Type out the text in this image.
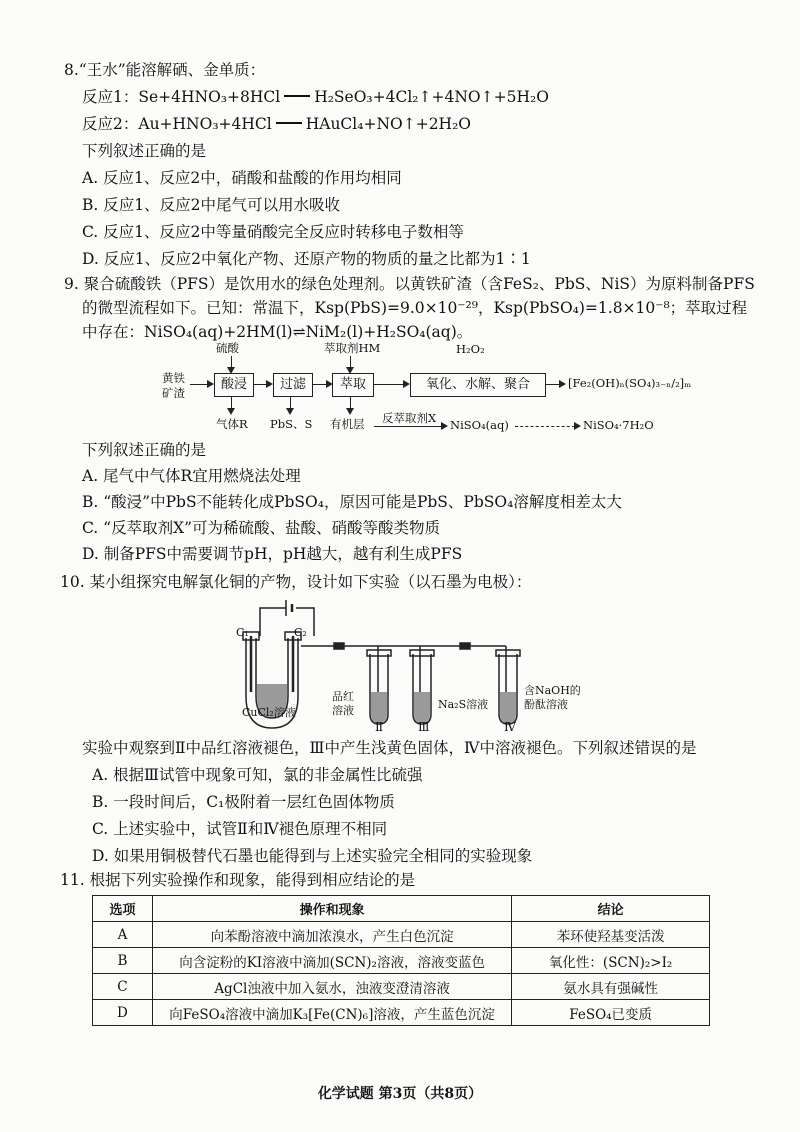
8.“王水”能溶解硒、金单质：
反应1：Se+4HNO₃+8HCl H₂SeO₃+4Cl₂↑+4NO↑+5H₂O
反应2：Au+HNO₃+4HCl HAuCl₄+NO↑+2H₂O
下列叙述正确的是
A. 反应1、反应2中，硝酸和盐酸的作用均相同
B. 反应1、反应2中尾气可以用水吸收
C. 反应1、反应2中等量硝酸完全反应时转移电子数相等
D. 反应1、反应2中氧化产物、还原产物的物质的量之比都为1∶1
9. 聚合硫酸铁（PFS）是饮用水的绿色处理剂。以黄铁矿渣（含FeS₂、PbS、NiS）为原料制备PFS
的微型流程如下。已知：常温下，Ksp(PbS)=9.0×10⁻²⁹，Ksp(PbSO₄)=1.8×10⁻⁸；萃取过程
中存在：NiSO₄(aq)+2HM(l)⇌NiM₂(l)+H₂SO₄(aq)。
黄铁
矿渣
硫酸
酸浸
气体R
过滤
PbS、S
萃取剂HM
萃取
有机层
H₂O₂
氧化、水解、聚合	[Fe₂(OH)ₙ(SO₄)₃₋ₙ/₂]ₘ
反萃取剂X NiSO₄(aq)	NiSO₄·7H₂O
下列叙述正确的是
A. 尾气中气体R宜用燃烧法处理
B. “酸浸”中PbS不能转化成PbSO₄，原因可能是PbS、PbSO₄溶解度相差太大
C. “反萃取剂X”可为稀硫酸、盐酸、硝酸等酸类物质
D. 制备PFS中需要调节pH，pH越大，越有利生成PFS
10. 某小组探究电解氯化铜的产物，设计如下实验（以石墨为电极）：
C₁	C₂
CuCl₂溶液
品红
溶液	Na₂S溶液
含NaOH的
酚酞溶液
Ⅱ	Ⅲ	Ⅳ
实验中观察到Ⅱ中品红溶液褪色，Ⅲ中产生浅黄色固体，Ⅳ中溶液褪色。下列叙述错误的是
A. 根据Ⅲ试管中现象可知，氯的非金属性比硫强
B. 一段时间后，C₁极附着一层红色固体物质
C. 上述实验中，试管Ⅱ和Ⅳ褪色原理不相同
D. 如果用铜极替代石墨也能得到与上述实验完全相同的实验现象
11. 根据下列实验操作和现象，能得到相应结论的是
选项	操作和现象	结论
A	向苯酚溶液中滴加浓溴水，产生白色沉淀	苯环使羟基变活泼
B	向含淀粉的KI溶液中滴加(SCN)₂溶液，溶液变蓝色	氧化性：(SCN)₂>I₂
C	AgCl浊液中加入氨水，浊液变澄清溶液	氨水具有强碱性
D	向FeSO₄溶液中滴加K₃[Fe(CN)₆]溶液，产生蓝色沉淀	FeSO₄已变质
化学试题 第3页（共8页）
